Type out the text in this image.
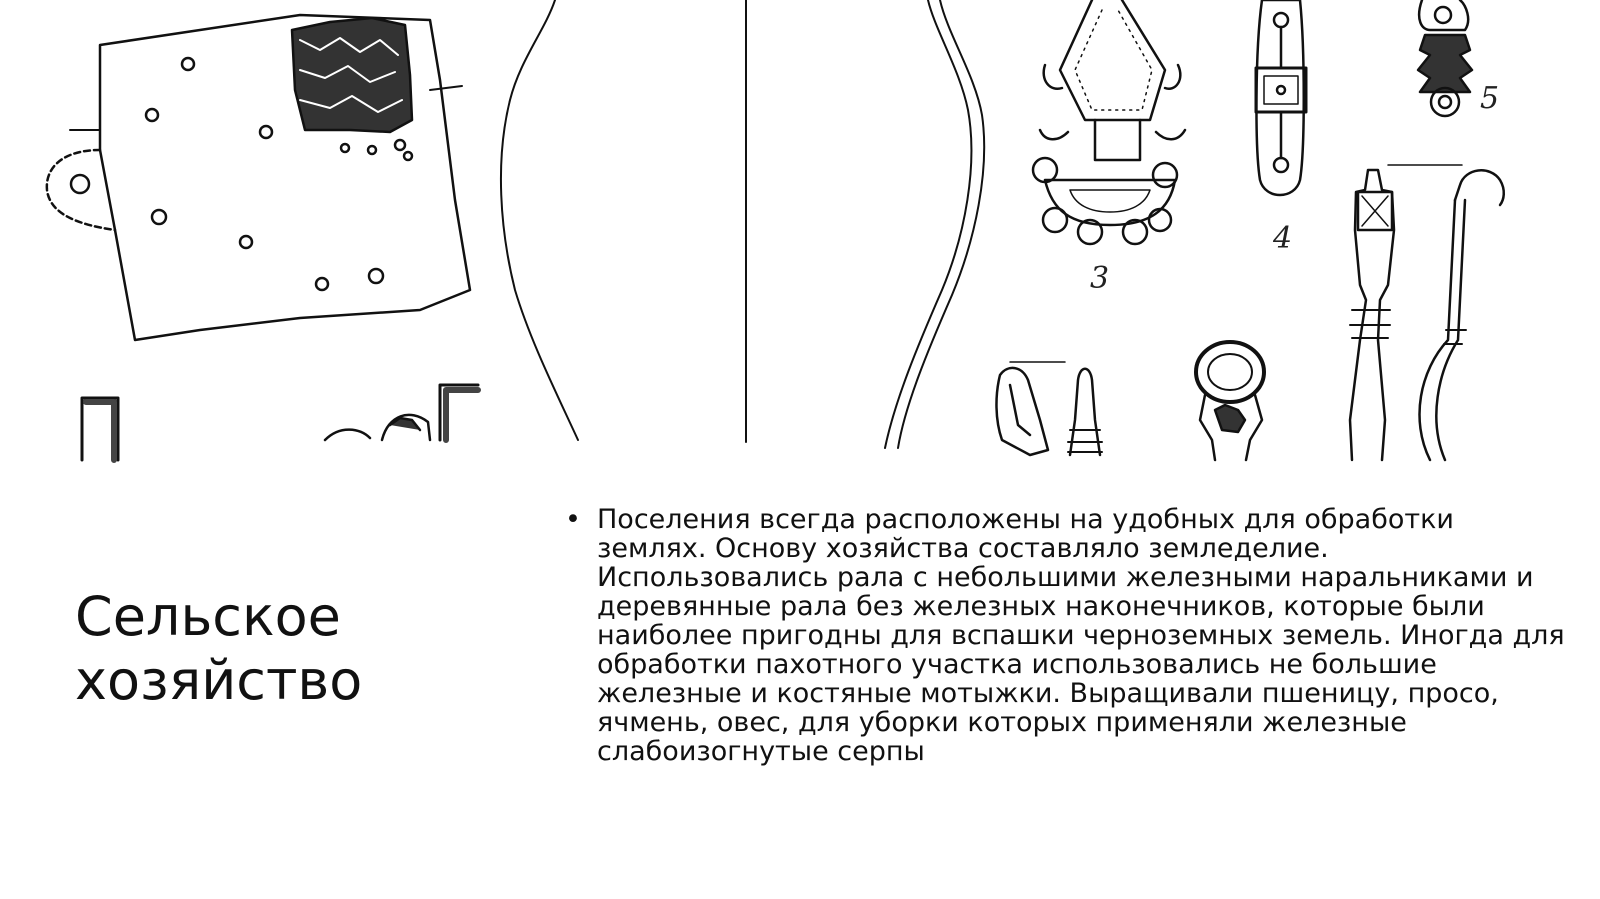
3
4
5
Сельское
хозяйство
• Поселения всегда расположены на удобных для обработки землях. Основу хозяйства составляло земледелие. Использовались рала с небольшими железными наральниками и деревянные рала без железных наконечников, которые были наиболее пригодны для вспашки черноземных земель. Иногда для обработки пахотного участка использовались не большие железные и костяные мотыжки. Выращивали пшеницу, просо, ячмень, овес, для уборки которых применяли железные слабоизогнутые серпы
